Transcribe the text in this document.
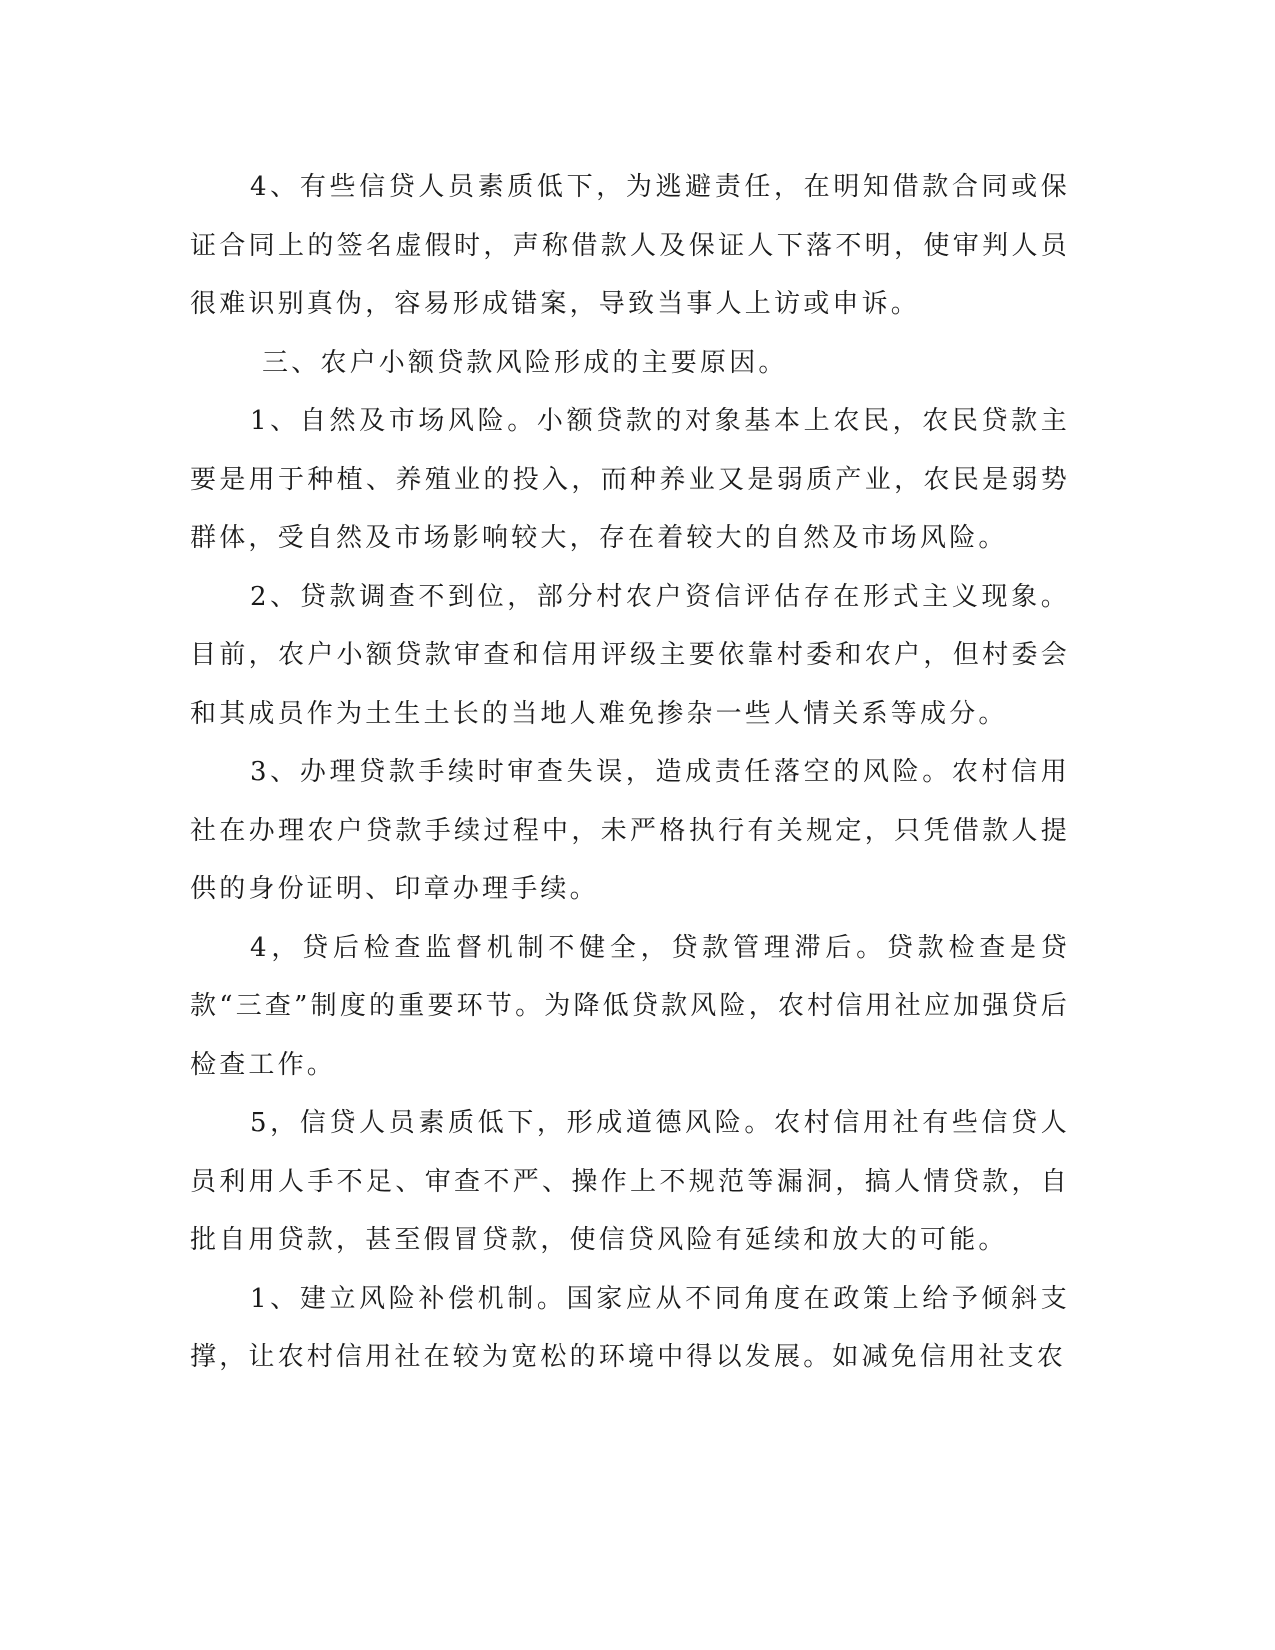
4、有些信贷人员素质低下，为逃避责任，在明知借款合同或保证合同上的签名虚假时，声称借款人及保证人下落不明，使审判人员很难识别真伪，容易形成错案，导致当事人上访或申诉。

三、农户小额贷款风险形成的主要原因。

1、自然及市场风险。小额贷款的对象基本上农民，农民贷款主要是用于种植、养殖业的投入，而种养业又是弱质产业，农民是弱势群体，受自然及市场影响较大，存在着较大的自然及市场风险。

2、贷款调查不到位，部分村农户资信评估存在形式主义现象。目前，农户小额贷款审查和信用评级主要依靠村委和农户，但村委会和其成员作为土生土长的当地人难免掺杂一些人情关系等成分。

3、办理贷款手续时审查失误，造成责任落空的风险。农村信用社在办理农户贷款手续过程中，未严格执行有关规定，只凭借款人提供的身份证明、印章办理手续。

4，贷后检查监督机制不健全，贷款管理滞后。贷款检查是贷款“三查”制度的重要环节。为降低贷款风险，农村信用社应加强贷后检查工作。

5，信贷人员素质低下，形成道德风险。农村信用社有些信贷人员利用人手不足、审查不严、操作上不规范等漏洞，搞人情贷款，自批自用贷款，甚至假冒贷款，使信贷风险有延续和放大的可能。

1、建立风险补偿机制。国家应从不同角度在政策上给予倾斜支撑，让农村信用社在较为宽松的环境中得以发展。如减免信用社支农
